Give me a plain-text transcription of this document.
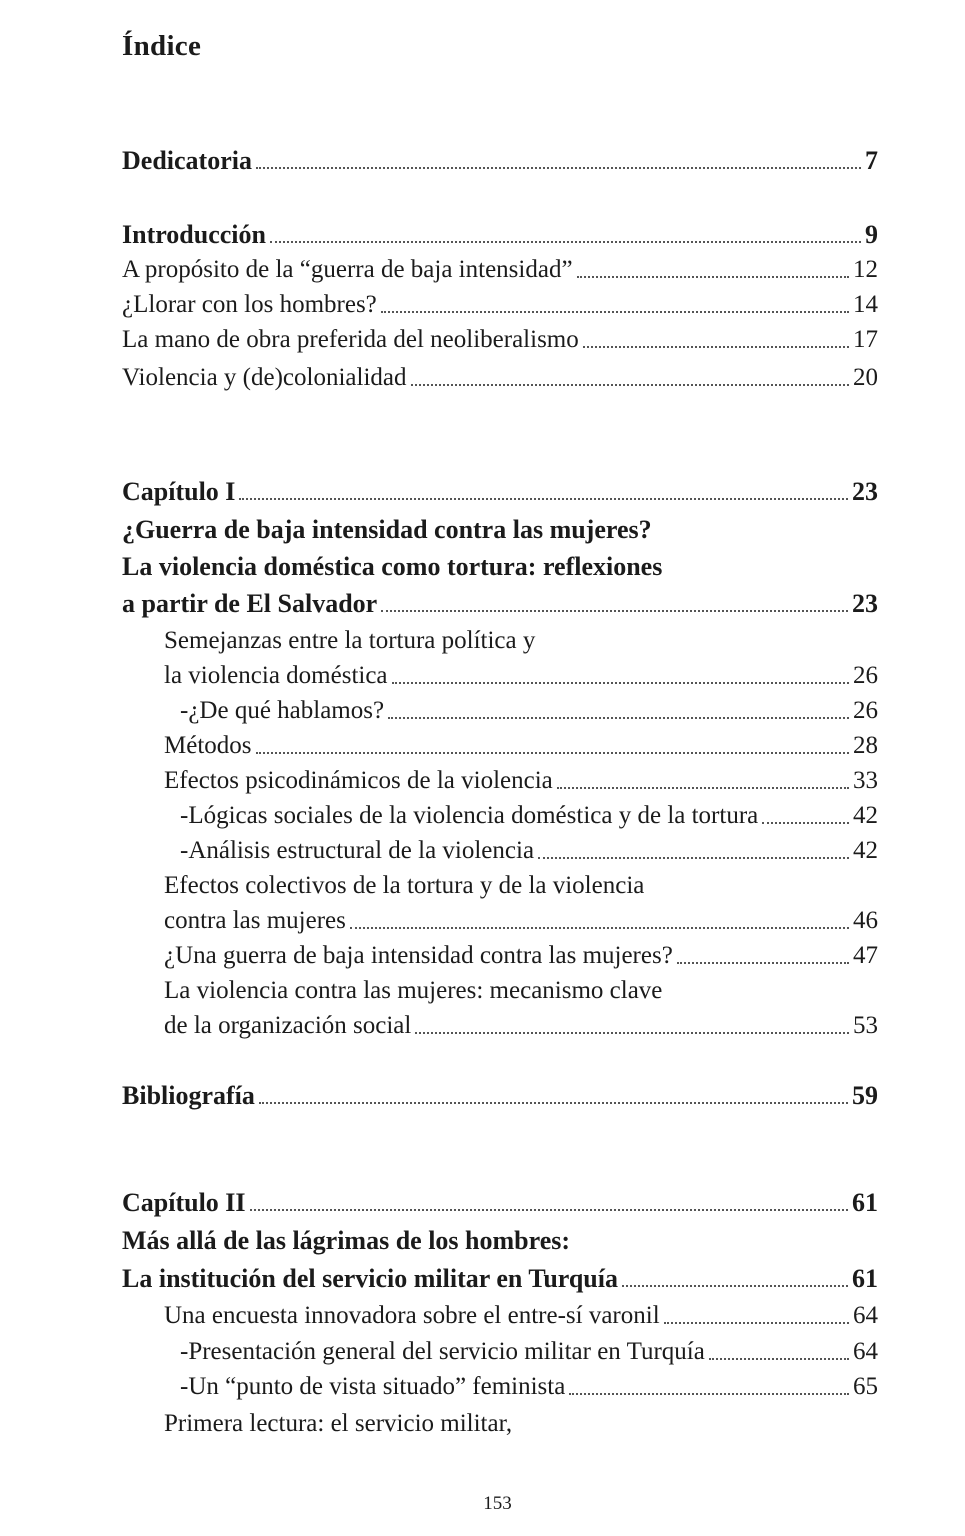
Índice
Dedicatoria	7
Introducción	9
A propósito de la “guerra de baja intensidad”	12
¿Llorar con los hombres?	14
La mano de obra preferida del neoliberalismo	17
Violencia y (de)colonialidad	20
Capítulo I	23
¿Guerra de baja intensidad contra las mujeres?
La violencia doméstica como tortura: reflexiones
a partir de El Salvador	23
Semejanzas entre la tortura política y
la violencia doméstica	26
-¿De qué hablamos?	26
Métodos	28
Efectos psicodinámicos de la violencia	33
-Lógicas sociales de la violencia doméstica y de la tortura	42
-Análisis estructural de la violencia	42
Efectos colectivos de la tortura y de la violencia
contra las mujeres	46
¿Una guerra de baja intensidad contra las mujeres?	47
La violencia contra las mujeres: mecanismo clave
de la organización social	53
Bibliografía	59
Capítulo II	61
Más allá de las lágrimas de los hombres:
La institución del servicio militar en Turquía	61
Una encuesta innovadora sobre el entre-sí varonil	64
-Presentación general del servicio militar en Turquía	64
-Un “punto de vista situado” feminista	65
Primera lectura: el servicio militar,
153
